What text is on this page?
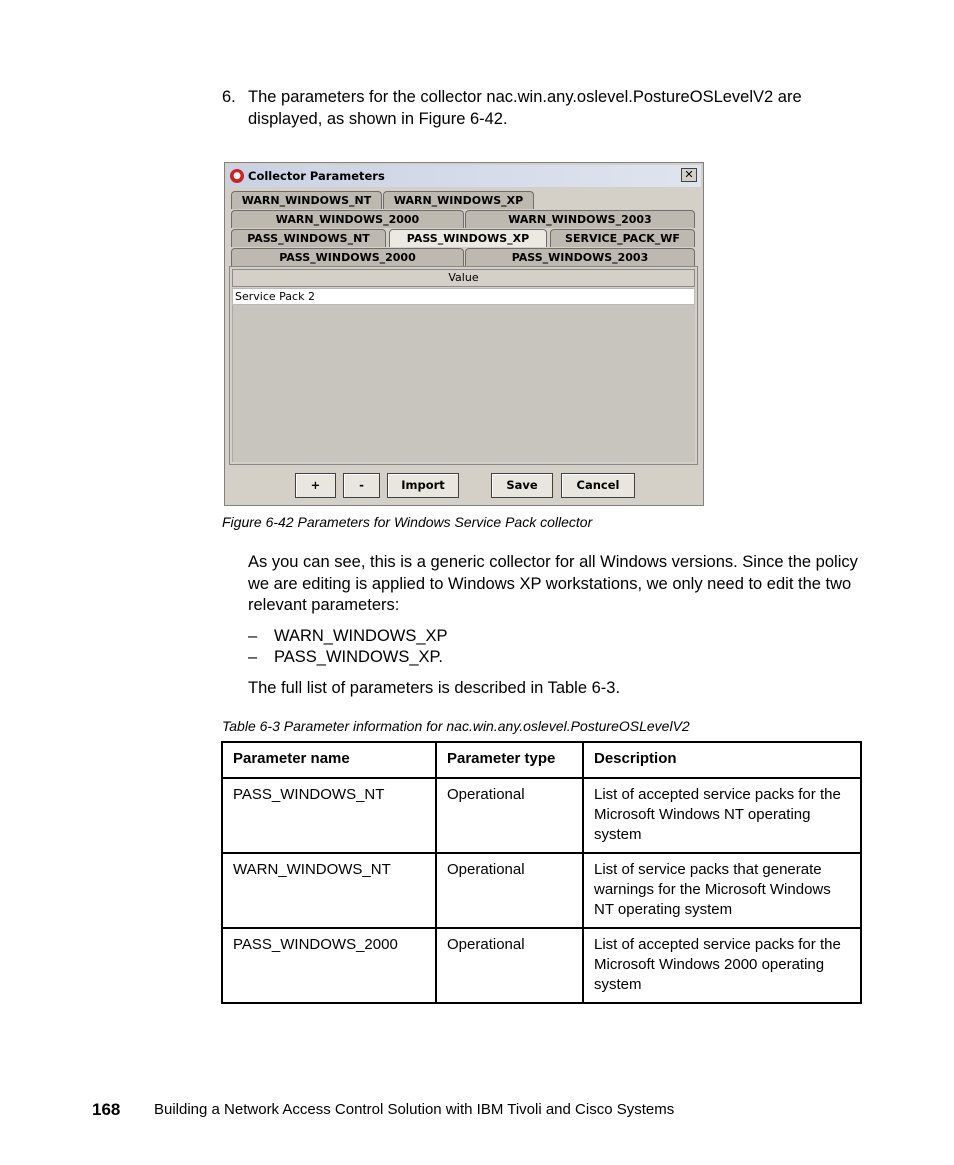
6. The parameters for the collector nac.win.any.oslevel.PostureOSLevelV2 are displayed, as shown in Figure 6-42.
● Collector Parameters	✕
WARN_WINDOWS_NT	WARN_WINDOWS_XP
WARN_WINDOWS_2000	WARN_WINDOWS_2003
PASS_WINDOWS_NT	PASS_WINDOWS_XP	SERVICE_PACK_WF
PASS_WINDOWS_2000	PASS_WINDOWS_2003
Value
Service Pack 2
+	-	Import	Save	Cancel
Figure 6-42 Parameters for Windows Service Pack collector
As you can see, this is a generic collector for all Windows versions. Since the policy we are editing is applied to Windows XP workstations, we only need to edit the two relevant parameters:
– WARN_WINDOWS_XP
– PASS_WINDOWS_XP.
The full list of parameters is described in Table 6-3.
Table 6-3 Parameter information for nac.win.any.oslevel.PostureOSLevelV2
Parameter name	Parameter type	Description
PASS_WINDOWS_NT	Operational	List of accepted service packs for the Microsoft Windows NT operating system
WARN_WINDOWS_NT	Operational	List of service packs that generate warnings for the Microsoft Windows NT operating system
PASS_WINDOWS_2000	Operational	List of accepted service packs for the Microsoft Windows 2000 operating system
168 Building a Network Access Control Solution with IBM Tivoli and Cisco Systems
